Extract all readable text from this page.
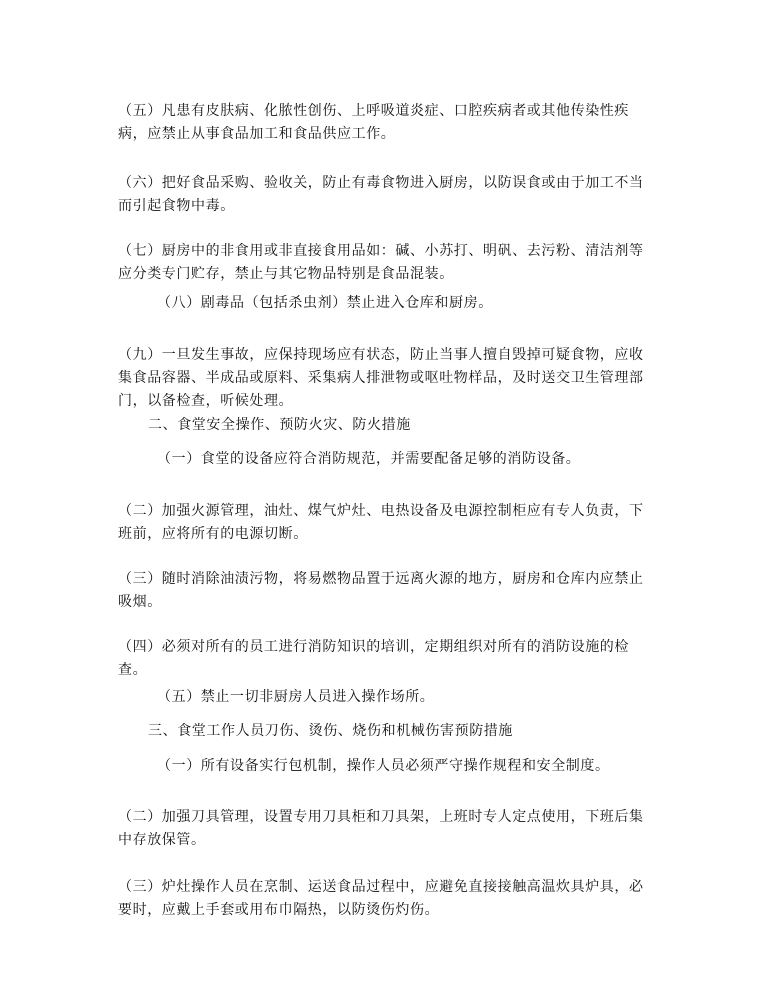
（五）凡患有皮肤病、化脓性创伤、上呼吸道炎症、口腔疾病者或其他传染性疾病，应禁止从事食品加工和食品供应工作。

（六）把好食品采购、验收关，防止有毒食物进入厨房，以防误食或由于加工不当而引起食物中毒。

（七）厨房中的非食用或非直接食用品如：碱、小苏打、明矾、去污粉、清洁剂等应分类专门贮存，禁止与其它物品特别是食品混装。

（八）剧毒品（包括杀虫剂）禁止进入仓库和厨房。

（九）一旦发生事故，应保持现场应有状态，防止当事人擅自毁掉可疑食物，应收集食品容器、半成品或原料、采集病人排泄物或呕吐物样品，及时送交卫生管理部门，以备检查，听候处理。

二、食堂安全操作、预防火灾、防火措施

（一）食堂的设备应符合消防规范，并需要配备足够的消防设备。

（二）加强火源管理，油灶、煤气炉灶、电热设备及电源控制柜应有专人负责，下班前，应将所有的电源切断。

（三）随时消除油渍污物，将易燃物品置于远离火源的地方，厨房和仓库内应禁止吸烟。

（四）必须对所有的员工进行消防知识的培训，定期组织对所有的消防设施的检查。

（五）禁止一切非厨房人员进入操作场所。

三、食堂工作人员刀伤、烫伤、烧伤和机械伤害预防措施

（一）所有设备实行包机制，操作人员必须严守操作规程和安全制度。

（二）加强刀具管理，设置专用刀具柜和刀具架，上班时专人定点使用，下班后集中存放保管。

（三）炉灶操作人员在烹制、运送食品过程中，应避免直接接触高温炊具炉具，必要时，应戴上手套或用布巾隔热，以防烫伤灼伤。
